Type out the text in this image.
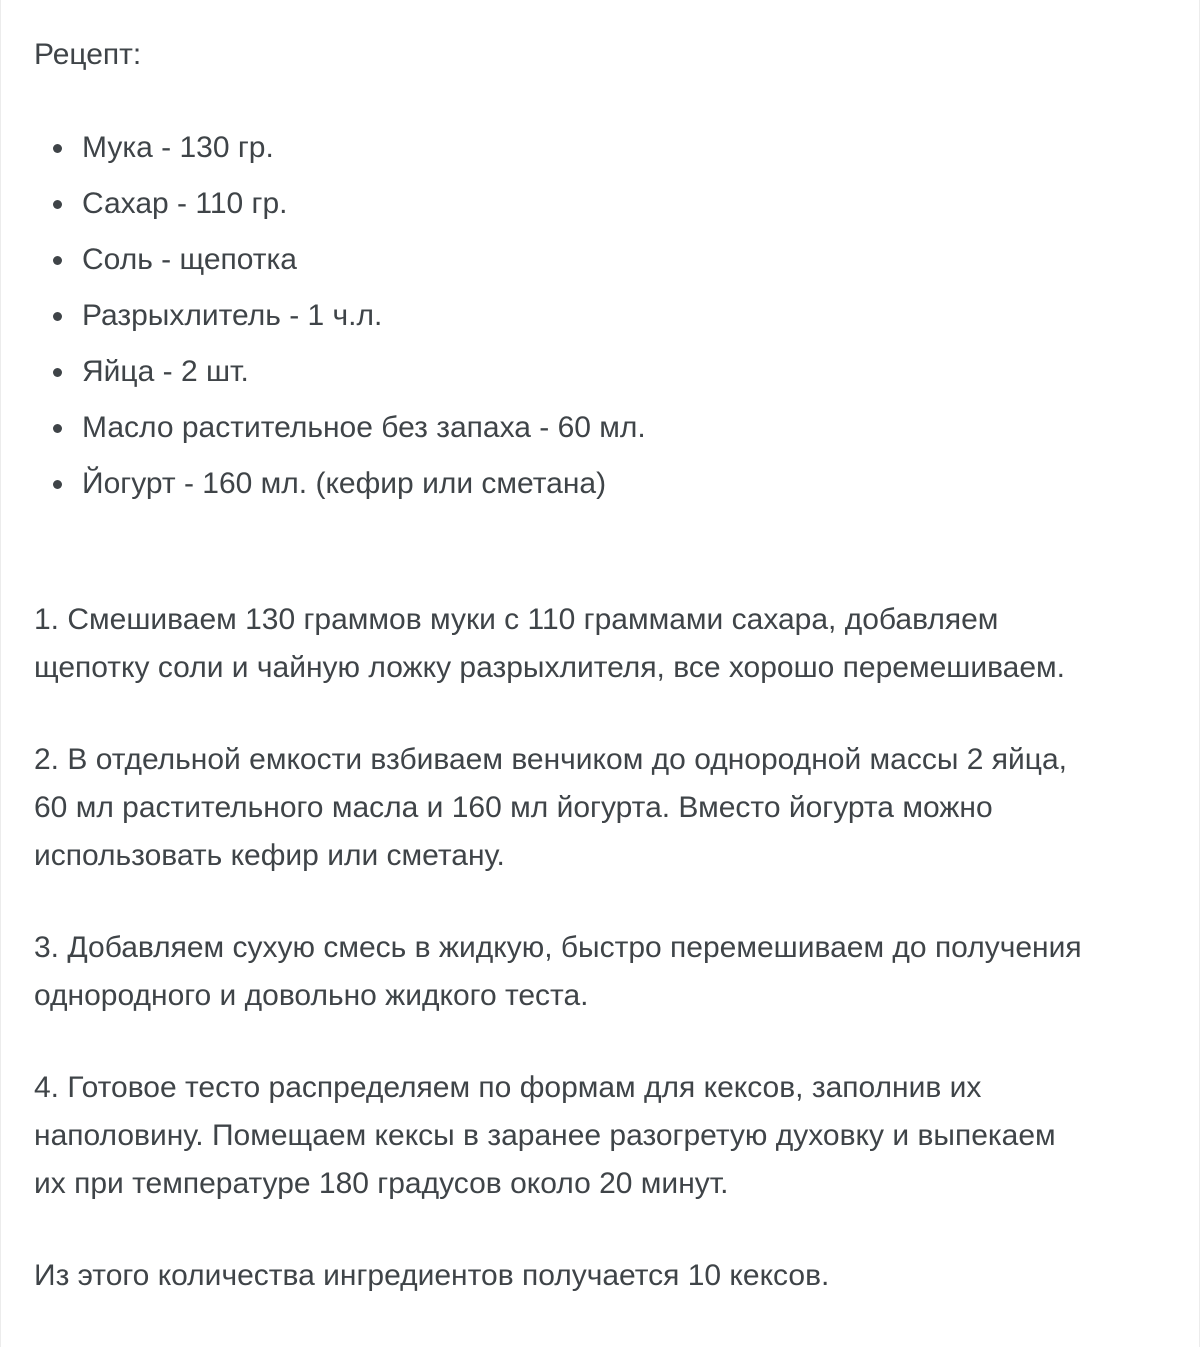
Рецепт:
Мука - 130 гр.
Сахар - 110 гр.
Соль - щепотка
Разрыхлитель - 1 ч.л.
Яйца - 2 шт.
Масло растительное без запаха - 60 мл.
Йогурт - 160 мл. (кефир или сметана)

1. Смешиваем 130 граммов муки с 110 граммами сахара, добавляем
щепотку соли и чайную ложку разрыхлителя, все хорошо перемешиваем.

2. В отдельной емкости взбиваем венчиком до однородной массы 2 яйца,
60 мл растительного масла и 160 мл йогурта. Вместо йогурта можно
использовать кефир или сметану.

3. Добавляем сухую смесь в жидкую, быстро перемешиваем до получения
однородного и довольно жидкого теста.

4. Готовое тесто распределяем по формам для кексов, заполнив их
наполовину. Помещаем кексы в заранее разогретую духовку и выпекаем
их при температуре 180 градусов около 20 минут.

Из этого количества ингредиентов получается 10 кексов.
